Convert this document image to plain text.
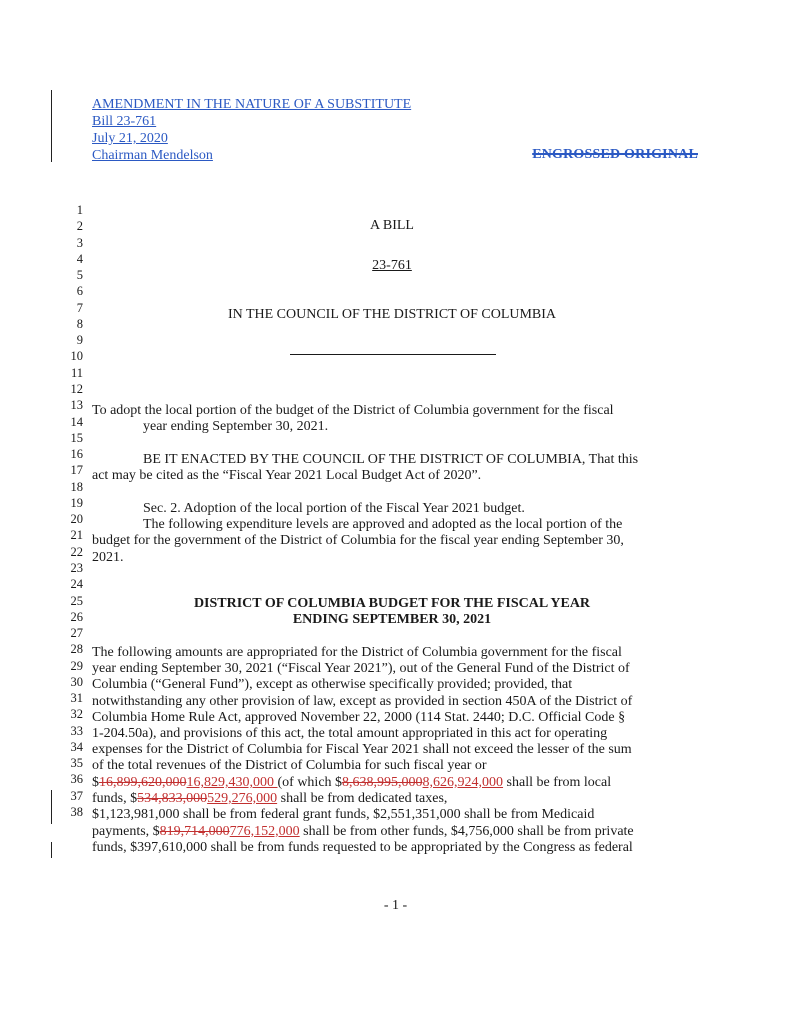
AMENDMENT IN THE NATURE OF A SUBSTITUTE
Bill 23-761
July 21, 2020
Chairman Mendelson	ENGROSSED ORIGINAL
1
2
3
4
5
6
7
8
9
10
11
12
13
14
15
16
17
18
19
20
21
22
23
24
25
26
27
28
29
30
31
32
33
34
35
36
37
38
A BILL
23-761
IN THE COUNCIL OF THE DISTRICT OF COLUMBIA
To adopt the local portion of the budget of the District of Columbia government for the fiscal
year ending September 30, 2021.
BE IT ENACTED BY THE COUNCIL OF THE DISTRICT OF COLUMBIA, That this
act may be cited as the “Fiscal Year 2021 Local Budget Act of 2020”.
Sec. 2. Adoption of the local portion of the Fiscal Year 2021 budget.
The following expenditure levels are approved and adopted as the local portion of the
budget for the government of the District of Columbia for the fiscal year ending September 30,
2021.
DISTRICT OF COLUMBIA BUDGET FOR THE FISCAL YEAR
ENDING SEPTEMBER 30, 2021
The following amounts are appropriated for the District of Columbia government for the fiscal
year ending September 30, 2021 (“Fiscal Year 2021”), out of the General Fund of the District of
Columbia (“General Fund”), except as otherwise specifically provided; provided, that
notwithstanding any other provision of law, except as provided in section 450A of the District of
Columbia Home Rule Act, approved November 22, 2000 (114 Stat. 2440; D.C. Official Code §
1-204.50a), and provisions of this act, the total amount appropriated in this act for operating
expenses for the District of Columbia for Fiscal Year 2021 shall not exceed the lesser of the sum
of the total revenues of the District of Columbia for such fiscal year or
$16,899,620,00016,829,430,000 (of which $8,638,995,0008,626,924,000 shall be from local
funds, $534,833,000529,276,000 shall be from dedicated taxes,
$1,123,981,000 shall be from federal grant funds, $2,551,351,000 shall be from Medicaid
payments, $819,714,000776,152,000 shall be from other funds, $4,756,000 shall be from private
funds, $397,610,000 shall be from funds requested to be appropriated by the Congress as federal
- 1 -
